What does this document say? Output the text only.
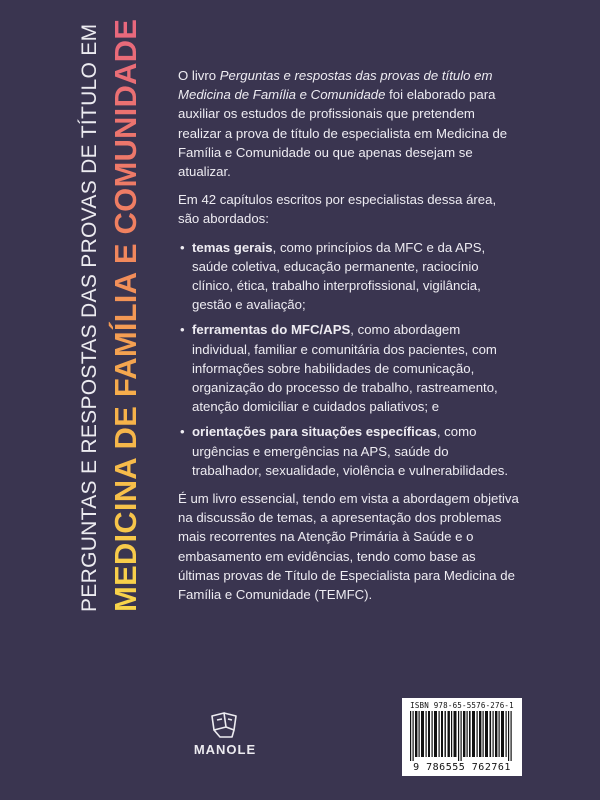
PERGUNTAS E RESPOSTAS DAS PROVAS DE TÍTULO EM MEDICINA DE FAMÍLIA E COMUNIDADE	O livro Perguntas e respostas das provas de título em Medicina de Família e Comunidade foi elaborado para auxiliar os estudos de profissionais que pretendem realizar a prova de título de especialista em Medicina de Família e Comunidade ou que apenas desejam se atualizar.

Em 42 capítulos escritos por especialistas dessa área, são abordados:

• temas gerais, como princípios da MFC e da APS, saúde coletiva, educação permanente, raciocínio clínico, ética, trabalho interprofissional, vigilância, gestão e avaliação;
• ferramentas do MFC/APS, como abordagem individual, familiar e comunitária dos pacientes, com informações sobre habilidades de comunicação, organização do processo de trabalho, rastreamento, atenção domiciliar e cuidados paliativos; e
• orientações para situações específicas, como urgências e emergências na APS, saúde do trabalhador, sexualidade, violência e vulnerabilidades.

É um livro essencial, tendo em vista a abordagem objetiva na discussão de temas, a apresentação dos problemas mais recorrentes na Atenção Primária à Saúde e o embasamento em evidências, tendo como base as últimas provas de Título de Especialista para Medicina de Família e Comunidade (TEMFC).

MANOLE
ISBN 978-65-5576-276-1
9 786555 762761
